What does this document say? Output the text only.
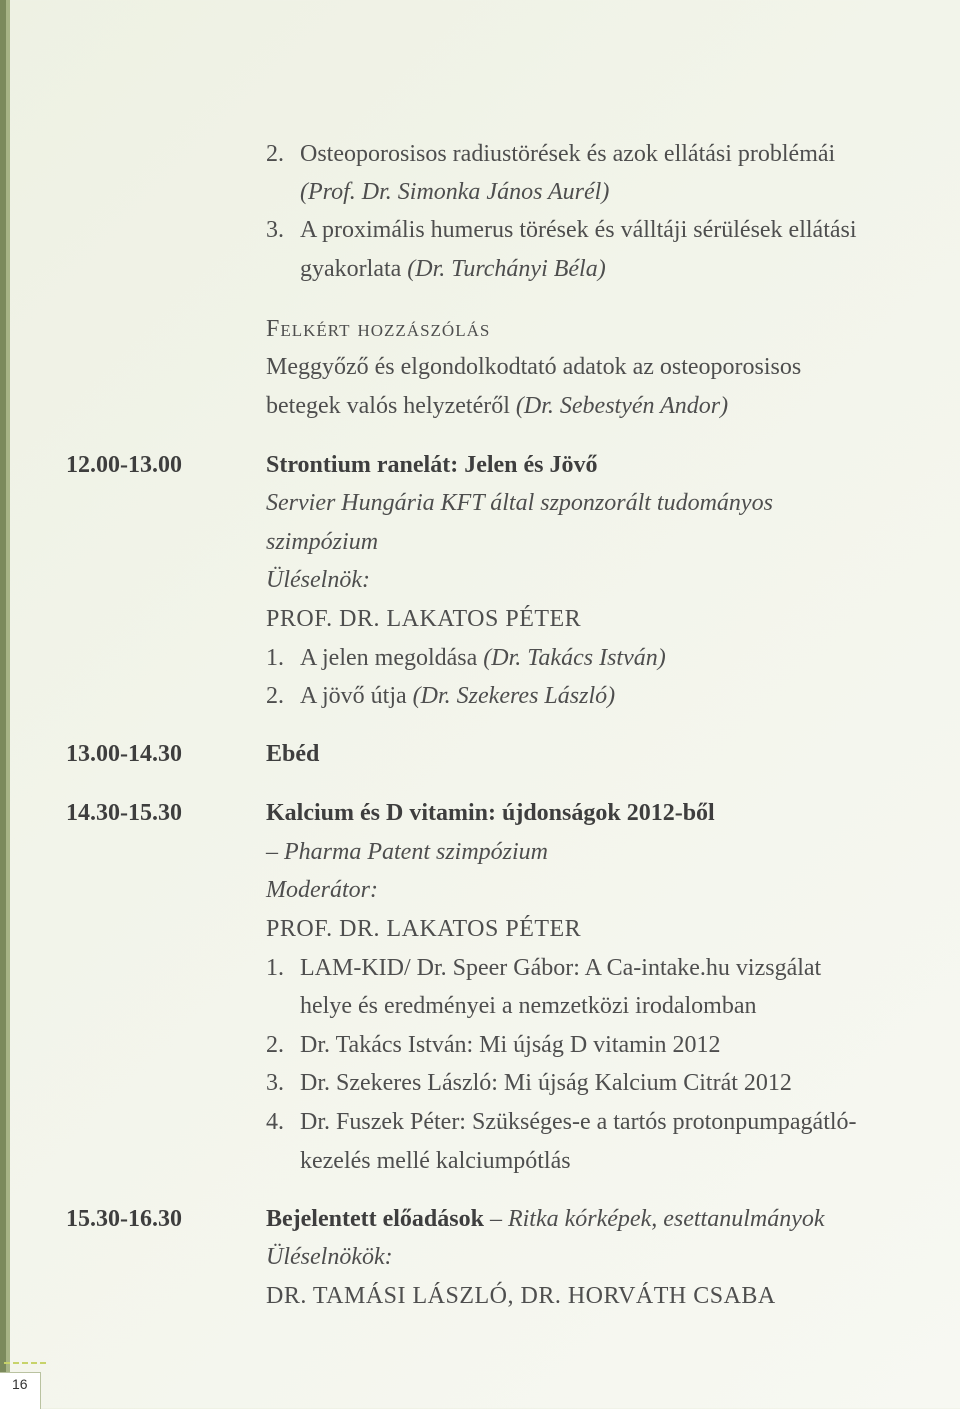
2. Osteoporosisos radiustörések és azok ellátási problémái
(Prof. Dr. Simonka János Aurél)
3. A proximális humerus törések és válltáji sérülések ellátási
gyakorlata (Dr. Turchányi Béla)
Felkért hozzászólás
Meggyőző és elgondolkodtató adatok az osteoporosisos
betegek valós helyzetéről (Dr. Sebestyén Andor)
12.00-13.00	Strontium ranelát: Jelen és Jövő
Servier Hungária KFT által szponzorált tudományos
szimpózium
Üléselnök:
PROF. DR. LAKATOS PÉTER
1. A jelen megoldása (Dr. Takács István)
2. A jövő útja (Dr. Szekeres László)
13.00-14.30	Ebéd
14.30-15.30	Kalcium és D vitamin: újdonságok 2012-ből
– Pharma Patent szimpózium
Moderátor:
PROF. DR. LAKATOS PÉTER
1. LAM-KID/ Dr. Speer Gábor: A Ca-intake.hu vizsgálat
helye és eredményei a nemzetközi irodalomban
2. Dr. Takács István: Mi újság D vitamin 2012
3. Dr. Szekeres László: Mi újság Kalcium Citrát 2012
4. Dr. Fuszek Péter: Szükséges-e a tartós protonpumpagátló-
kezelés mellé kalciumpótlás
15.30-16.30	Bejelentett előadások – Ritka kórképek, esettanulmányok
Üléselnökök:
DR. TAMÁSI LÁSZLÓ, DR. HORVÁTH CSABA
16
